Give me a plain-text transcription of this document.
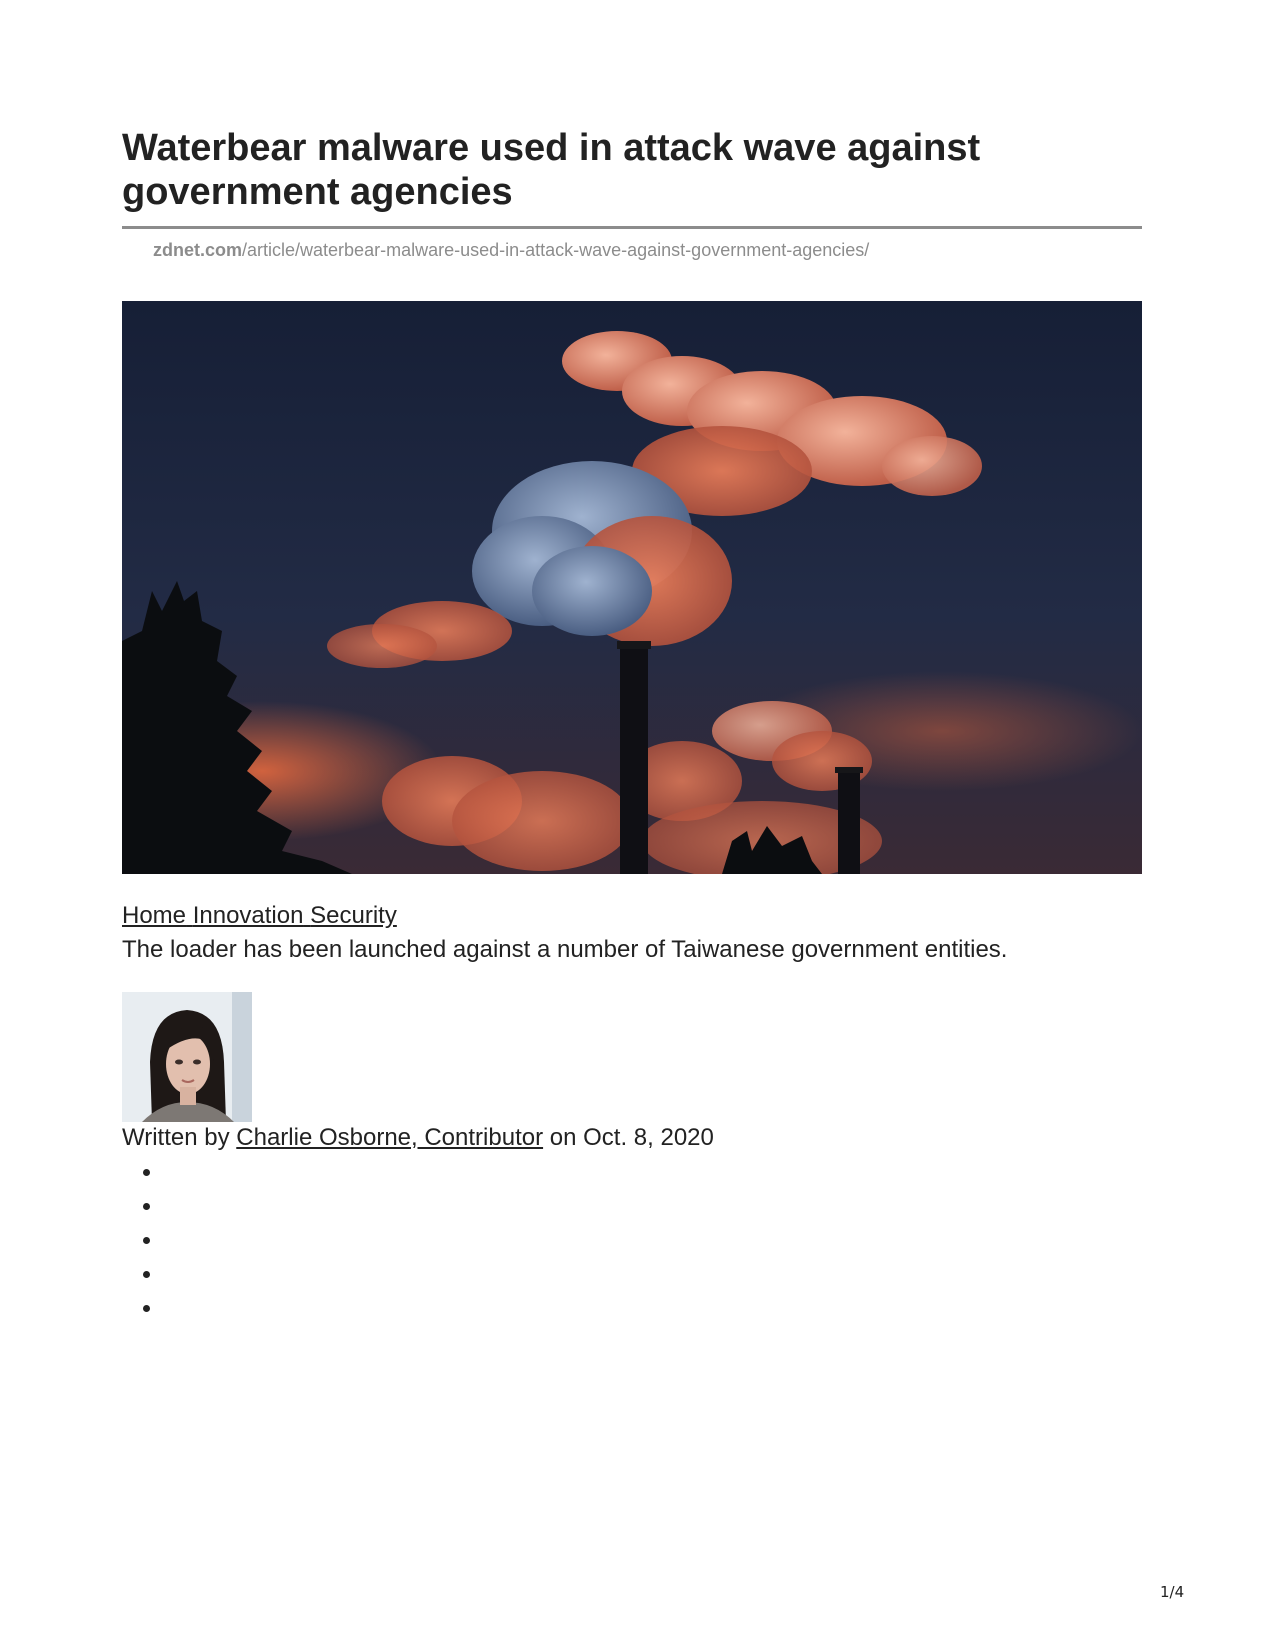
Waterbear malware used in attack wave against government agencies
zdnet.com/article/waterbear-malware-used-in-attack-wave-against-government-agencies/
Home Innovation Security
The loader has been launched against a number of Taiwanese government entities.
Written by Charlie Osborne, Contributor on Oct. 8, 2020
1/4
